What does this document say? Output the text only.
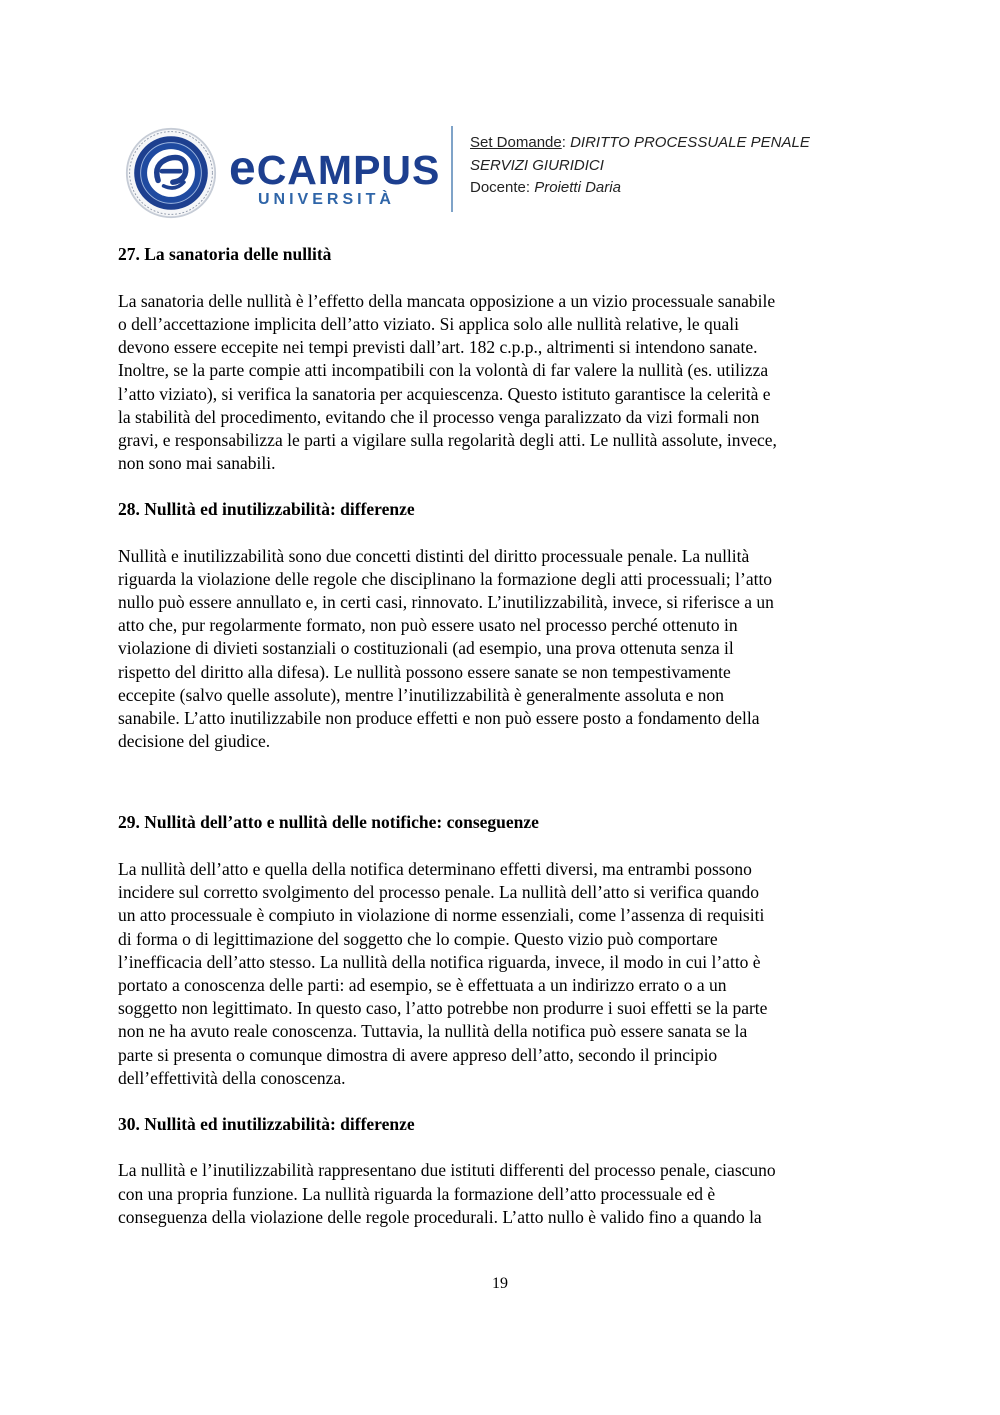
eCAMPUS
UNIVERSITÀ
Set Domande: DIRITTO PROCESSUALE PENALE
SERVIZI GIURIDICI
Docente: Proietti Daria
27. La sanatoria delle nullità

La sanatoria delle nullità è l’effetto della mancata opposizione a un vizio processuale sanabile

o dell’accettazione implicita dell’atto viziato. Si applica solo alle nullità relative, le quali

devono essere eccepite nei tempi previsti dall’art. 182 c.p.p., altrimenti si intendono sanate.

Inoltre, se la parte compie atti incompatibili con la volontà di far valere la nullità (es. utilizza

l’atto viziato), si verifica la sanatoria per acquiescenza. Questo istituto garantisce la celerità e

la stabilità del procedimento, evitando che il processo venga paralizzato da vizi formali non

gravi, e responsabilizza le parti a vigilare sulla regolarità degli atti. Le nullità assolute, invece,

non sono mai sanabili.

28. Nullità ed inutilizzabilità: differenze

Nullità e inutilizzabilità sono due concetti distinti del diritto processuale penale. La nullità

riguarda la violazione delle regole che disciplinano la formazione degli atti processuali; l’atto

nullo può essere annullato e, in certi casi, rinnovato. L’inutilizzabilità, invece, si riferisce a un

atto che, pur regolarmente formato, non può essere usato nel processo perché ottenuto in

violazione di divieti sostanziali o costituzionali (ad esempio, una prova ottenuta senza il

rispetto del diritto alla difesa). Le nullità possono essere sanate se non tempestivamente

eccepite (salvo quelle assolute), mentre l’inutilizzabilità è generalmente assoluta e non

sanabile. L’atto inutilizzabile non produce effetti e non può essere posto a fondamento della

decisione del giudice.

29. Nullità dell’atto e nullità delle notifiche: conseguenze

La nullità dell’atto e quella della notifica determinano effetti diversi, ma entrambi possono

incidere sul corretto svolgimento del processo penale. La nullità dell’atto si verifica quando

un atto processuale è compiuto in violazione di norme essenziali, come l’assenza di requisiti

di forma o di legittimazione del soggetto che lo compie. Questo vizio può comportare

l’inefficacia dell’atto stesso. La nullità della notifica riguarda, invece, il modo in cui l’atto è

portato a conoscenza delle parti: ad esempio, se è effettuata a un indirizzo errato o a un

soggetto non legittimato. In questo caso, l’atto potrebbe non produrre i suoi effetti se la parte

non ne ha avuto reale conoscenza. Tuttavia, la nullità della notifica può essere sanata se la

parte si presenta o comunque dimostra di avere appreso dell’atto, secondo il principio

dell’effettività della conoscenza.

30. Nullità ed inutilizzabilità: differenze

La nullità e l’inutilizzabilità rappresentano due istituti differenti del processo penale, ciascuno

con una propria funzione. La nullità riguarda la formazione dell’atto processuale ed è

conseguenza della violazione delle regole procedurali. L’atto nullo è valido fino a quando la

19
